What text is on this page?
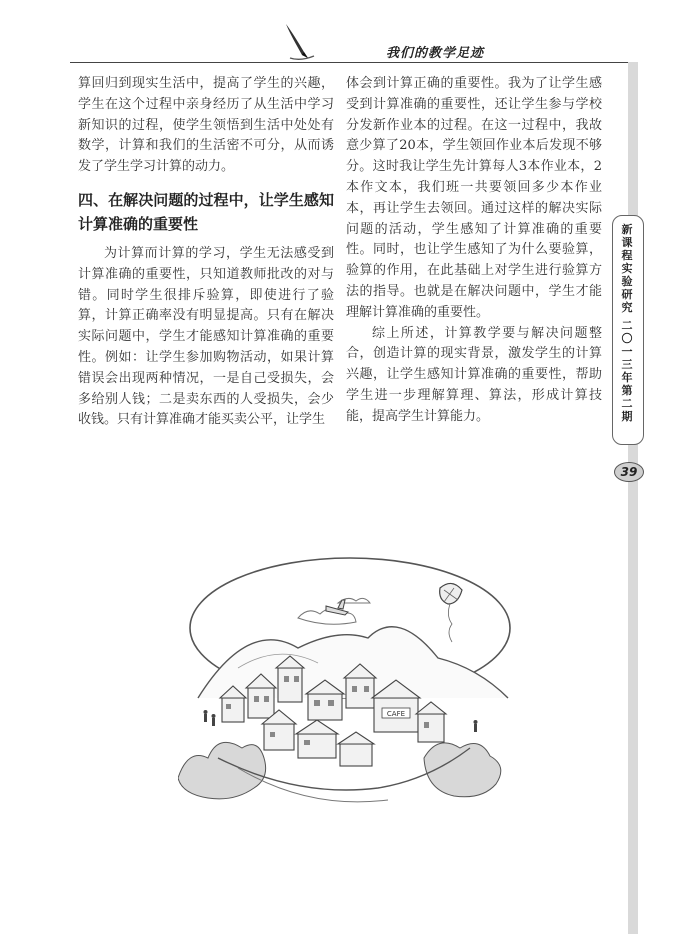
我们的教学足迹
新
课
程
实
验
研
究
二
〇
一
三
年
第
二
期
39

算回归到现实生活中，提高了学生的兴趣，学生在这个过程中亲身经历了从生活中学习新知识的过程，使学生领悟到生活中处处有数学，计算和我们的生活密不可分，从而诱发了学生学习计算的动力。

四、在解决问题的过程中，让学生感知计算准确的重要性

为计算而计算的学习，学生无法感受到计算准确的重要性，只知道教师批改的对与错。同时学生很排斥验算，即使进行了验算，计算正确率没有明显提高。只有在解决实际问题中，学生才能感知计算准确的重要性。例如：让学生参加购物活动，如果计算错误会出现两种情况，一是自己受损失，会多给别人钱；二是卖东西的人受损失，会少收钱。只有计算准确才能买卖公平，让学生

体会到计算正确的重要性。我为了让学生感受到计算准确的重要性，还让学生参与学校分发新作业本的过程。在这一过程中，我故意少算了20本，学生领回作业本后发现不够分。这时我让学生先计算每人3本作业本，2本作文本，我们班一共要领回多少本作业本，再让学生去领回。通过这样的解决实际问题的活动，学生感知了计算准确的重要性。同时，也让学生感知了为什么要验算，验算的作用，在此基础上对学生进行验算方法的指导。也就是在解决问题中，学生才能理解计算准确的重要性。

综上所述，计算教学要与解决问题整合，创造计算的现实背景，激发学生的计算兴趣，让学生感知计算准确的重要性，帮助学生进一步理解算理、算法，形成计算技能，提高学生计算能力。

CAFE
